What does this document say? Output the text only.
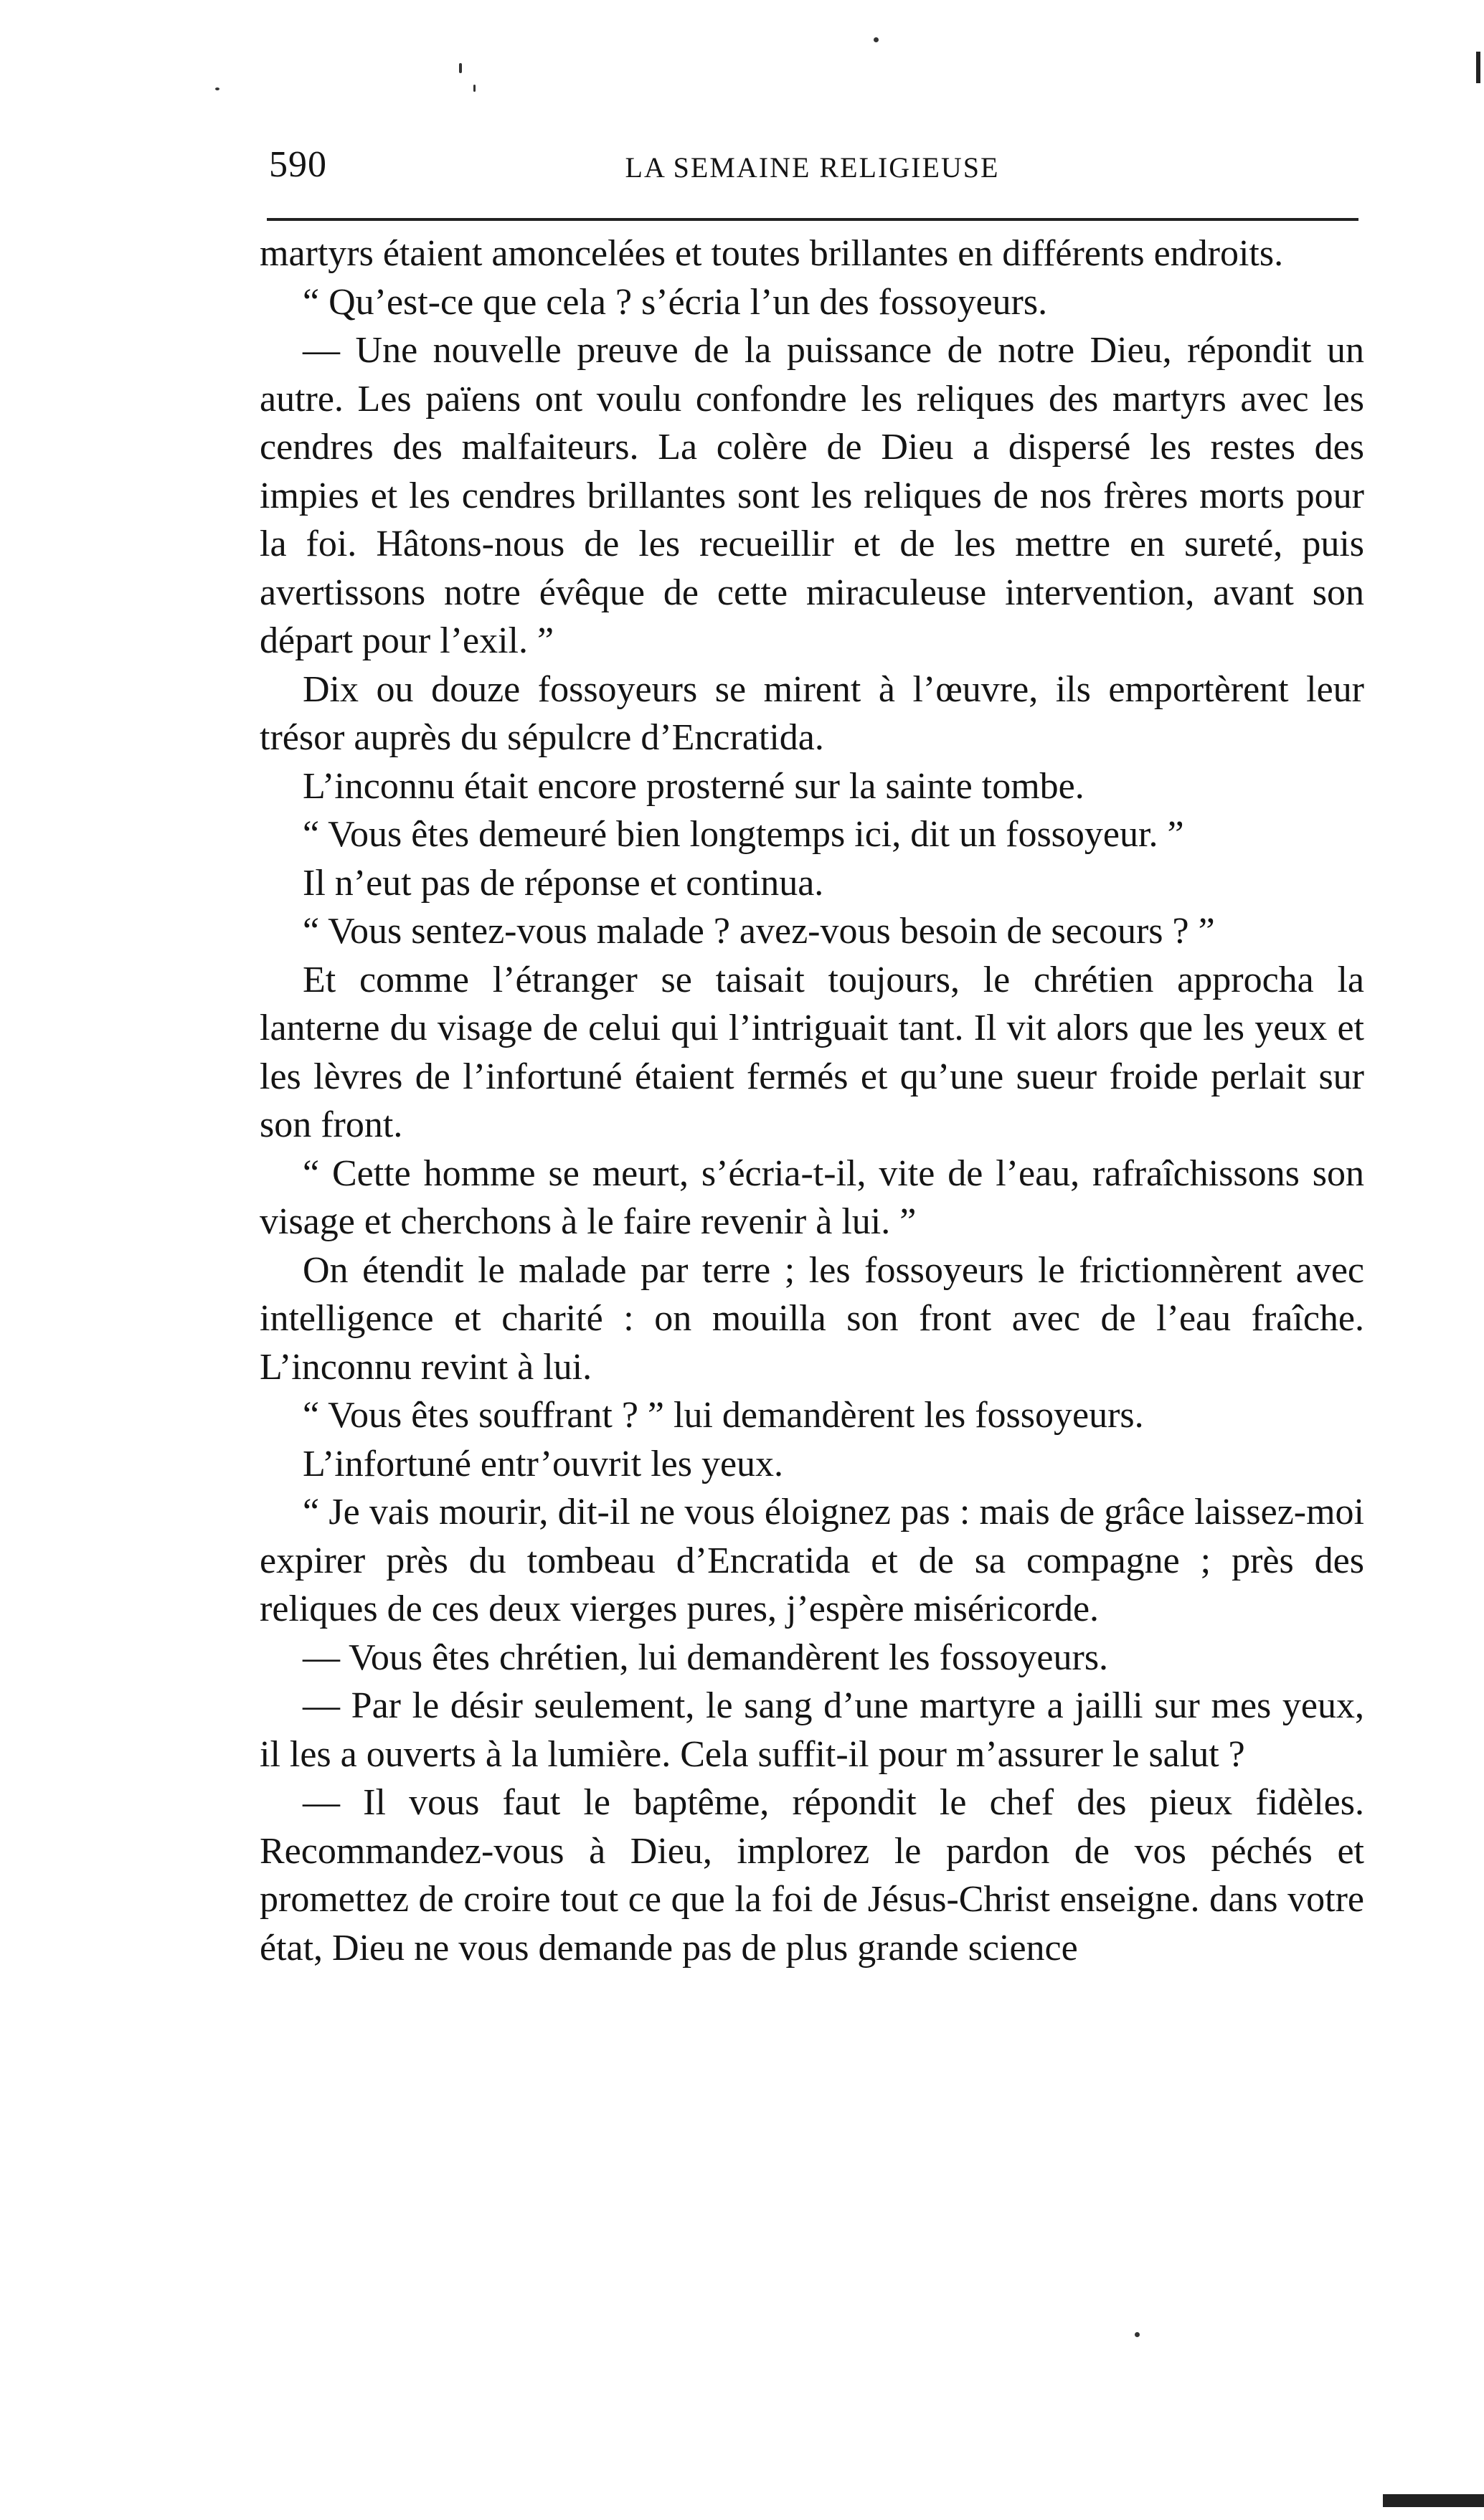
590	LA SEMAINE RELIGIEUSE

martyrs étaient amoncelées et toutes brillantes en différents endroits.

“ Qu’est-ce que cela ? s’écria l’un des fossoyeurs.

— Une nouvelle preuve de la puissance de notre Dieu, répondit un autre. Les païens ont voulu confondre les reliques des martyrs avec les cendres des malfaiteurs. La colère de Dieu a dispersé les restes des impies et les cendres brillantes sont les reliques de nos frères morts pour la foi. Hâtons-nous de les recueillir et de les mettre en sureté, puis avertissons notre évêque de cette miraculeuse intervention, avant son départ pour l’exil. ”

Dix ou douze fossoyeurs se mirent à l’œuvre, ils emportèrent leur trésor auprès du sépulcre d’Encratida.

L’inconnu était encore prosterné sur la sainte tombe.

“ Vous êtes demeuré bien longtemps ici, dit un fossoyeur. ”

Il n’eut pas de réponse et continua.

“ Vous sentez-vous malade ? avez-vous besoin de secours ? ”

Et comme l’étranger se taisait toujours, le chrétien approcha la lanterne du visage de celui qui l’intriguait tant. Il vit alors que les yeux et les lèvres de l’infortuné étaient fermés et qu’une sueur froide perlait sur son front.

“ Cette homme se meurt, s’écria-t-il, vite de l’eau, rafraîchissons son visage et cherchons à le faire revenir à lui. ”

On étendit le malade par terre ; les fossoyeurs le frictionnèrent avec intelligence et charité : on mouilla son front avec de l’eau fraîche. L’inconnu revint à lui.

“ Vous êtes souffrant ? ” lui demandèrent les fossoyeurs.

L’infortuné entr’ouvrit les yeux.

“ Je vais mourir, dit-il ne vous éloignez pas : mais de grâce laissez-moi expirer près du tombeau d’Encratida et de sa compagne ; près des reliques de ces deux vierges pures, j’espère miséricorde.

— Vous êtes chrétien, lui demandèrent les fossoyeurs.

— Par le désir seulement, le sang d’une martyre a jailli sur mes yeux, il les a ouverts à la lumière. Cela suffit-il pour m’assurer le salut ?

— Il vous faut le baptême, répondit le chef des pieux fidèles. Recommandez-vous à Dieu, implorez le pardon de vos péchés et promettez de croire tout ce que la foi de Jésus-Christ enseigne. dans votre état, Dieu ne vous demande pas de plus grande science
